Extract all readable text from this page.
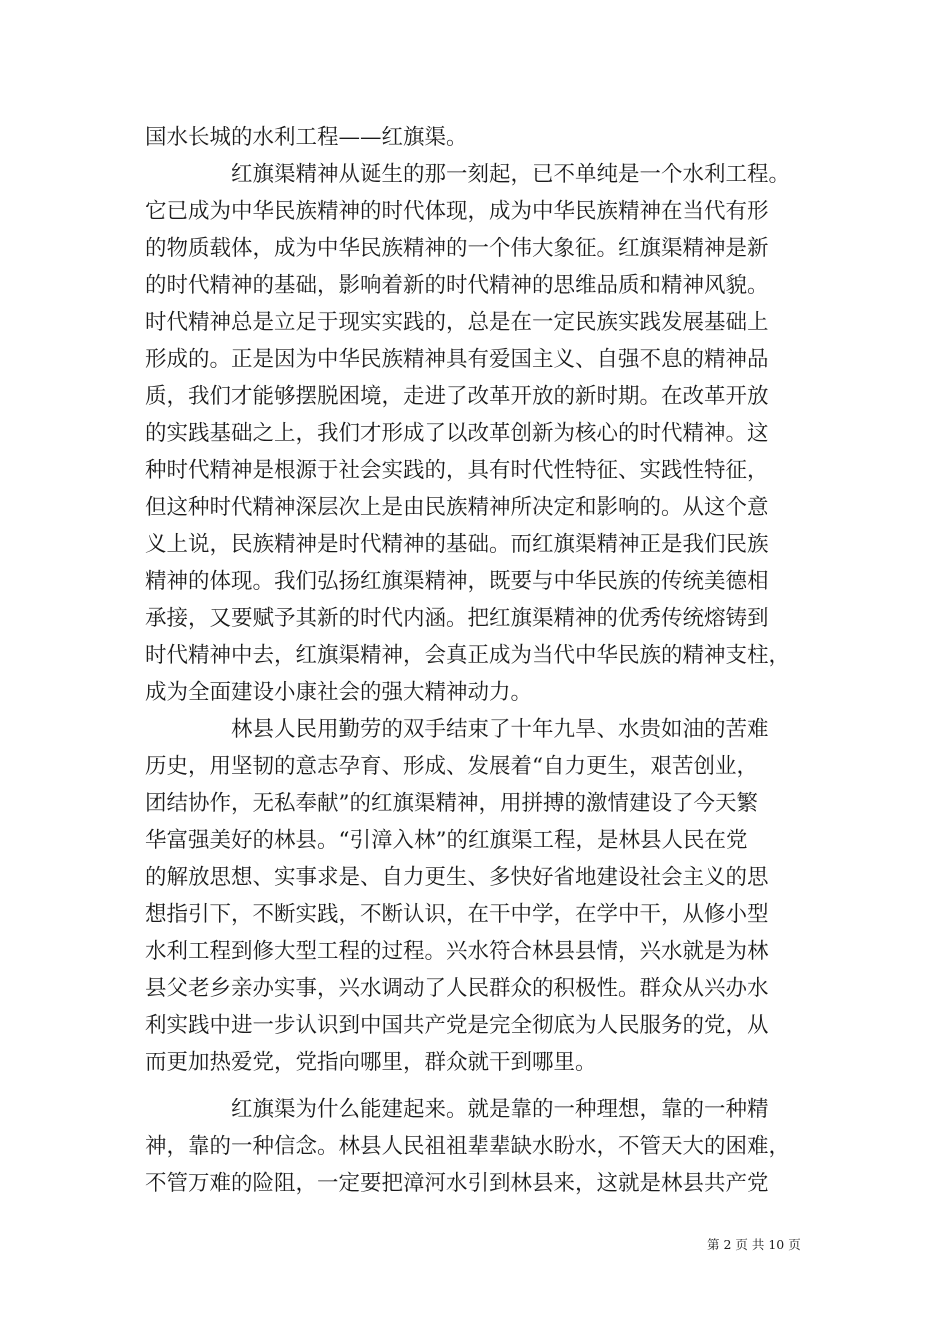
国水长城的水利工程——红旗渠。

　　　　红旗渠精神从诞生的那一刻起，已不单纯是一个水利工程。

它已成为中华民族精神的时代体现，成为中华民族精神在当代有形

的物质载体，成为中华民族精神的一个伟大象征。红旗渠精神是新

的时代精神的基础，影响着新的时代精神的思维品质和精神风貌。

时代精神总是立足于现实实践的，总是在一定民族实践发展基础上

形成的。正是因为中华民族精神具有爱国主义、自强不息的精神品

质，我们才能够摆脱困境，走进了改革开放的新时期。在改革开放

的实践基础之上，我们才形成了以改革创新为核心的时代精神。这

种时代精神是根源于社会实践的，具有时代性特征、实践性特征，

但这种时代精神深层次上是由民族精神所决定和影响的。从这个意

义上说，民族精神是时代精神的基础。而红旗渠精神正是我们民族

精神的体现。我们弘扬红旗渠精神，既要与中华民族的传统美德相

承接，又要赋予其新的时代内涵。把红旗渠精神的优秀传统熔铸到

时代精神中去，红旗渠精神，会真正成为当代中华民族的精神支柱，

成为全面建设小康社会的强大精神动力。

　　　　林县人民用勤劳的双手结束了十年九旱、水贵如油的苦难

历史，用坚韧的意志孕育、形成、发展着“自力更生，艰苦创业，

团结协作，无私奉献”的红旗渠精神，用拼搏的激情建设了今天繁

华富强美好的林县。“引漳入林”的红旗渠工程，是林县人民在党

的解放思想、实事求是、自力更生、多快好省地建设社会主义的思

想指引下，不断实践，不断认识，在干中学，在学中干，从修小型

水利工程到修大型工程的过程。兴水符合林县县情，兴水就是为林

县父老乡亲办实事，兴水调动了人民群众的积极性。群众从兴办水

利实践中进一步认识到中国共产党是完全彻底为人民服务的党，从

而更加热爱党，党指向哪里，群众就干到哪里。

　　　　红旗渠为什么能建起来。就是靠的一种理想，靠的一种精

神，靠的一种信念。林县人民祖祖辈辈缺水盼水，不管天大的困难，

不管万难的险阻，一定要把漳河水引到林县来，这就是林县共产党

第 2 页 共 10 页
